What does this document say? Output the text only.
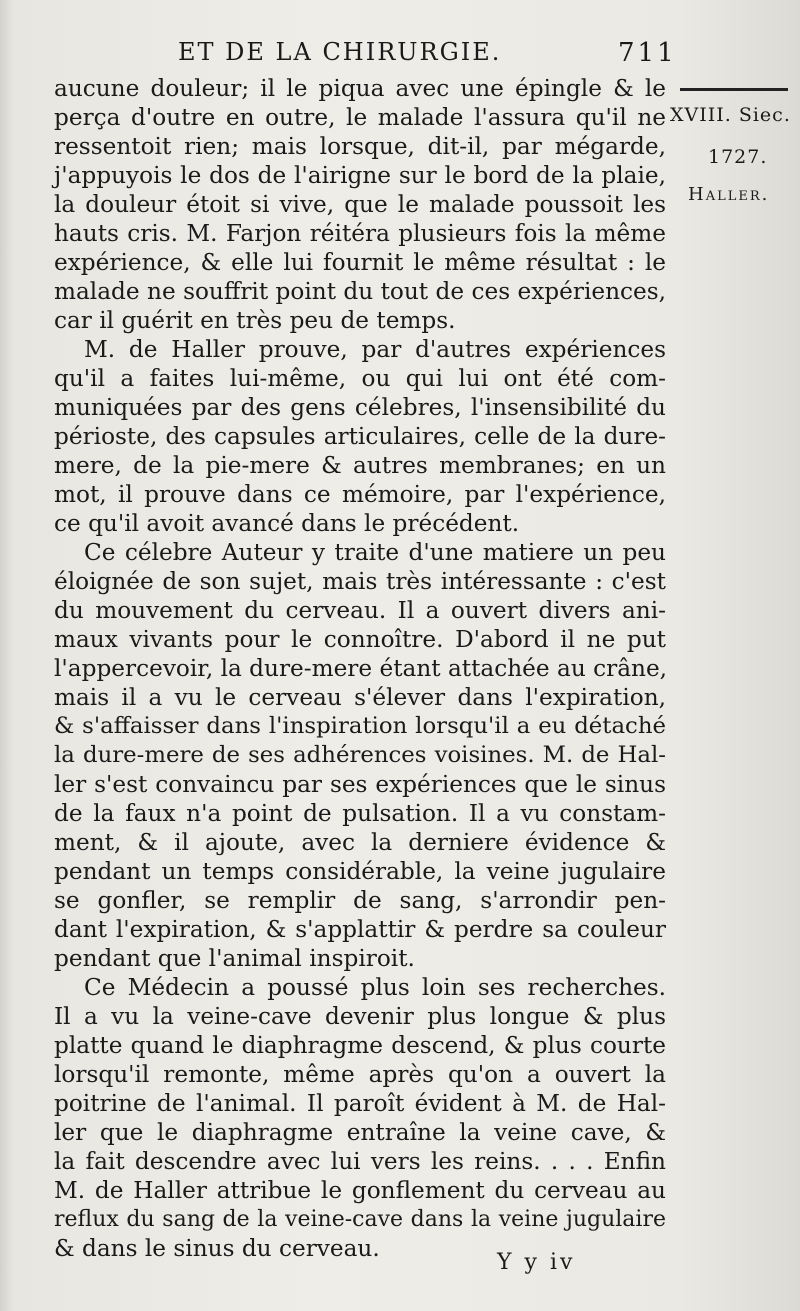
ET DE LA CHIRURGIE.	711
XVIII. Siec.
1727.
Haller.
aucune douleur; il le piqua avec une épingle & le
perça d'outre en outre, le malade l'assura qu'il ne
ressentoit rien; mais lorsque, dit-il, par mégarde,
j'appuyois le dos de l'airigne sur le bord de la plaie,
la douleur étoit si vive, que le malade poussoit les
hauts cris. M. Farjon réitéra plusieurs fois la même
expérience, & elle lui fournit le même résultat : le
malade ne souffrit point du tout de ces expériences,
car il guérit en très peu de temps.
M. de Haller prouve, par d'autres expériences
qu'il a faites lui-même, ou qui lui ont été com-
muniquées par des gens célebres, l'insensibilité du
périoste, des capsules articulaires, celle de la dure-
mere, de la pie-mere & autres membranes; en un
mot, il prouve dans ce mémoire, par l'expérience,
ce qu'il avoit avancé dans le précédent.
Ce célebre Auteur y traite d'une matiere un peu
éloignée de son sujet, mais très intéressante : c'est
du mouvement du cerveau. Il a ouvert divers ani-
maux vivants pour le connoître. D'abord il ne put
l'appercevoir, la dure-mere étant attachée au crâne,
mais il a vu le cerveau s'élever dans l'expiration,
& s'affaisser dans l'inspiration lorsqu'il a eu détaché
la dure-mere de ses adhérences voisines. M. de Hal-
ler s'est convaincu par ses expériences que le sinus
de la faux n'a point de pulsation. Il a vu constam-
ment, & il ajoute, avec la derniere évidence &
pendant un temps considérable, la veine jugulaire
se gonfler, se remplir de sang, s'arrondir pen-
dant l'expiration, & s'applattir & perdre sa couleur
pendant que l'animal inspiroit.
Ce Médecin a poussé plus loin ses recherches.
Il a vu la veine-cave devenir plus longue & plus
platte quand le diaphragme descend, & plus courte
lorsqu'il remonte, même après qu'on a ouvert la
poitrine de l'animal. Il paroît évident à M. de Hal-
ler que le diaphragme entraîne la veine cave, &
la fait descendre avec lui vers les reins. . . . Enfin
M. de Haller attribue le gonflement du cerveau au
reflux du sang de la veine-cave dans la veine jugulaire
& dans le sinus du cerveau.
Y y iv
